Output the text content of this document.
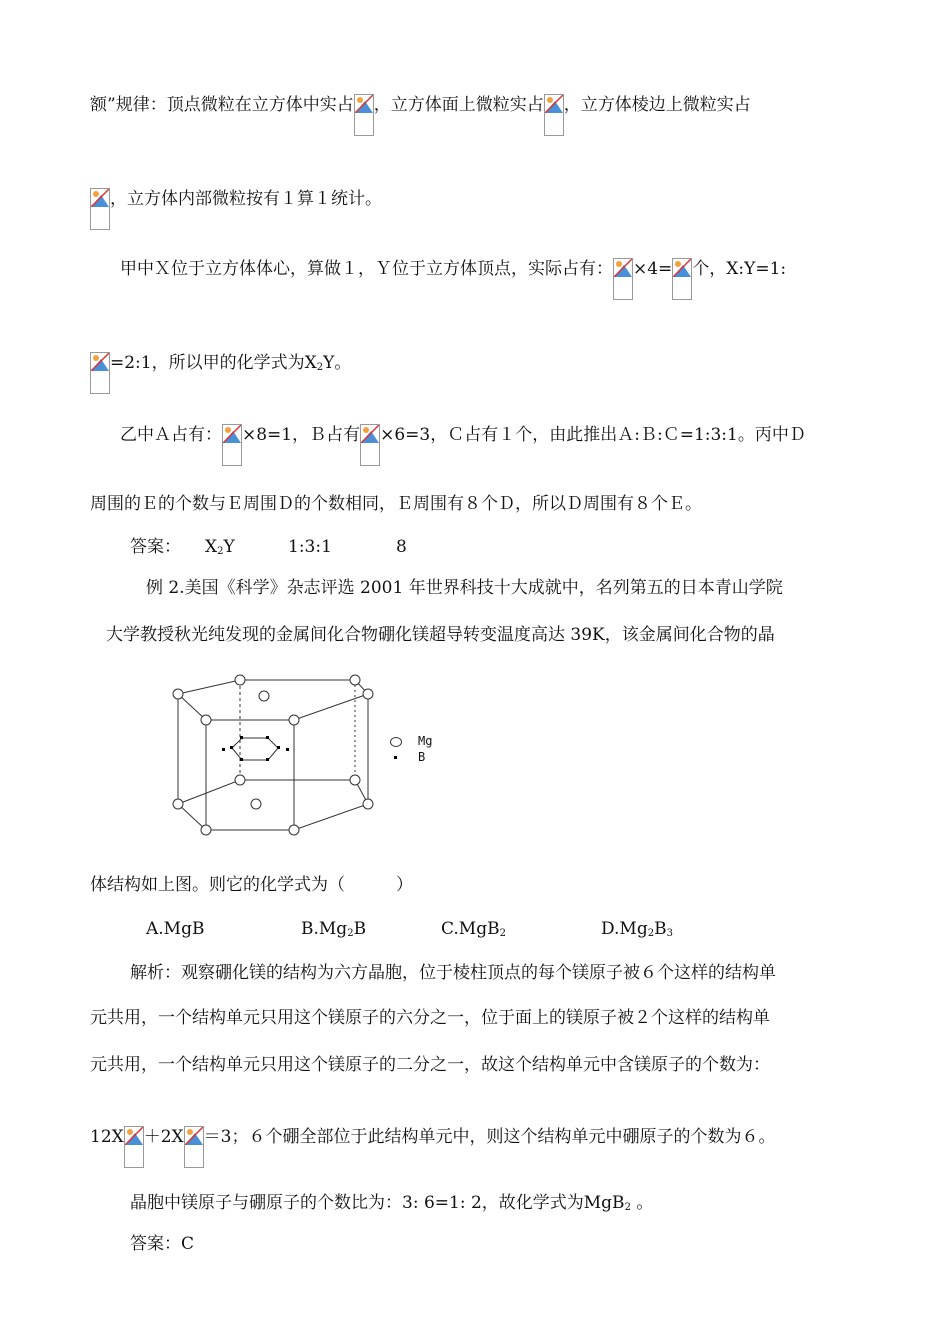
额”规律：顶点微粒在立方体中实占 ，立方体面上微粒实占 ，立方体棱边上微粒实占
，立方体内部微粒按有１算１统计。
甲中Ｘ位于立方体体心，算做１，Ｙ位于立方体顶点，实际占有： ×4= 个，X:Y=1:
=2:1，所以甲的化学式为$X_2Y$。
乙中Ａ占有： ×8=1，Ｂ占有 ×6=3，Ｃ占有１个，由此推出Ａ:Ｂ:Ｃ=1:3:1。丙中Ｄ
周围的Ｅ的个数与Ｅ周围Ｄ的个数相同，Ｅ周围有８个Ｄ，所以Ｄ周围有８个Ｅ。
答案： $X_2Y$	1:3:1	8
例 2.美国《科学》杂志评选 2001 年世界科技十大成就中，名列第五的日本青山学院
大学教授秋光纯发现的金属间化合物硼化镁超导转变温度高达 39K，该金属间化合物的晶
Mg
B
体结构如上图。则它的化学式为（　　　）
A.MgB	$B.Mg_2B$	C.MgB$_2$	$D.Mg_2B_3$
解析：观察硼化镁的结构为六方晶胞，位于棱柱顶点的每个镁原子被６个这样的结构单
元共用，一个结构单元只用这个镁原子的六分之一，位于面上的镁原子被２个这样的结构单
元共用，一个结构单元只用这个镁原子的二分之一，故这个结构单元中含镁原子的个数为：
12X ＋2X ＝3；６个硼全部位于此结构单元中，则这个结构单元中硼原子的个数为６。
晶胞中镁原子与硼原子的个数比为：3: 6=1: 2，故化学式为MgB$_2$ 。
答案：C
